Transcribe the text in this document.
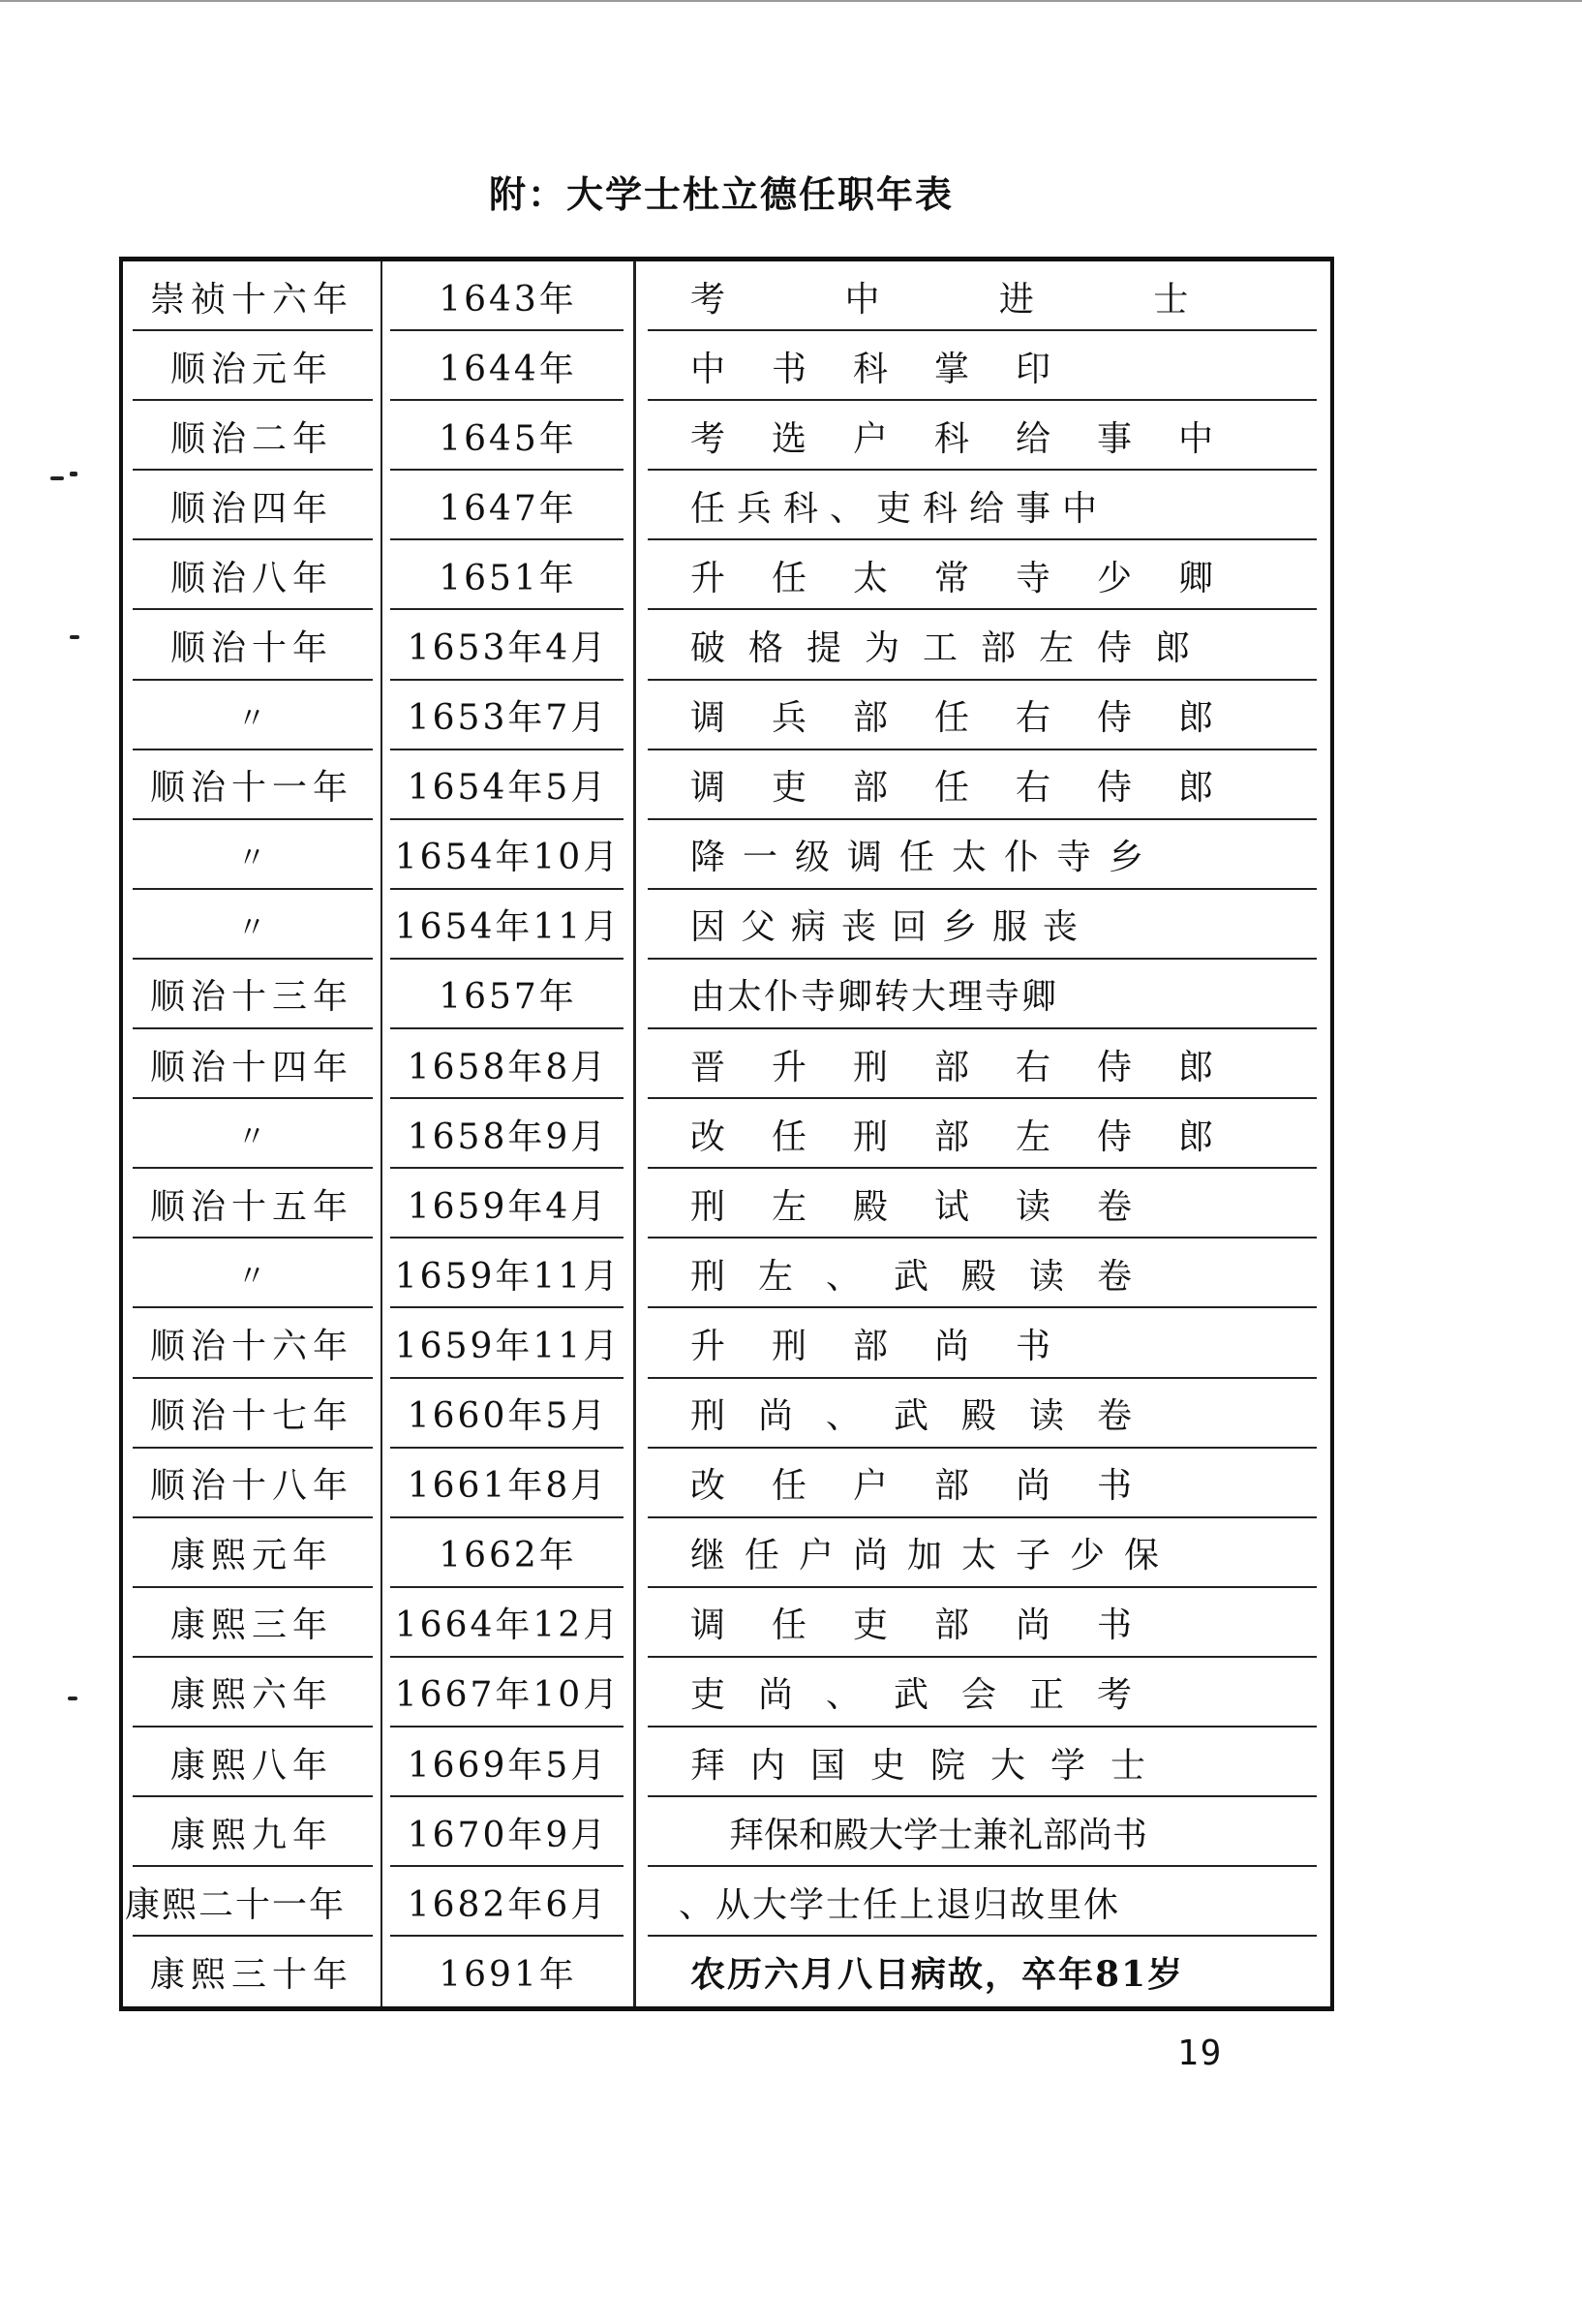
附：大学士杜立德任职年表
崇祯十六年	1643年	考 中 进 士
顺治元年	1644年	中书科掌印
顺治二年	1645年	考选户科给事中
顺治四年	1647年	任兵科、吏科给事中
顺治八年	1651年	升任太常寺少卿
顺治十年	1653年4月	破格提为工部左侍郎
〃	1653年7月	调兵部任右侍郎
顺治十一年	1654年5月	调吏部任右侍郎
〃	1654年10月	降一级调任太仆寺乡
〃	1654年11月	因父病丧回乡服丧
顺治十三年	1657年	由太仆寺卿转大理寺卿
顺治十四年	1658年8月	晋升刑部右侍郎
〃	1658年9月	改任刑部左侍郎
顺治十五年	1659年4月	刑左殿试读卷
〃	1659年11月	刑左、武殿读卷
顺治十六年	1659年11月	升刑部尚书
顺治十七年	1660年5月	刑尚、武殿读卷
顺治十八年	1661年8月	改任户部尚书
康熙元年	1662年	继任户尚加太子少保
康熙三年	1664年12月	调任吏部尚书
康熙六年	1667年10月	吏尚、武会正考
康熙八年	1669年5月	拜内国史院大学士
康熙九年	1670年9月	拜保和殿大学士兼礼部尚书
康熙二十一年	1682年6月	、从大学士任上退归故里休
康熙三十年	1691年	农历六月八日病故，卒年81岁
19
